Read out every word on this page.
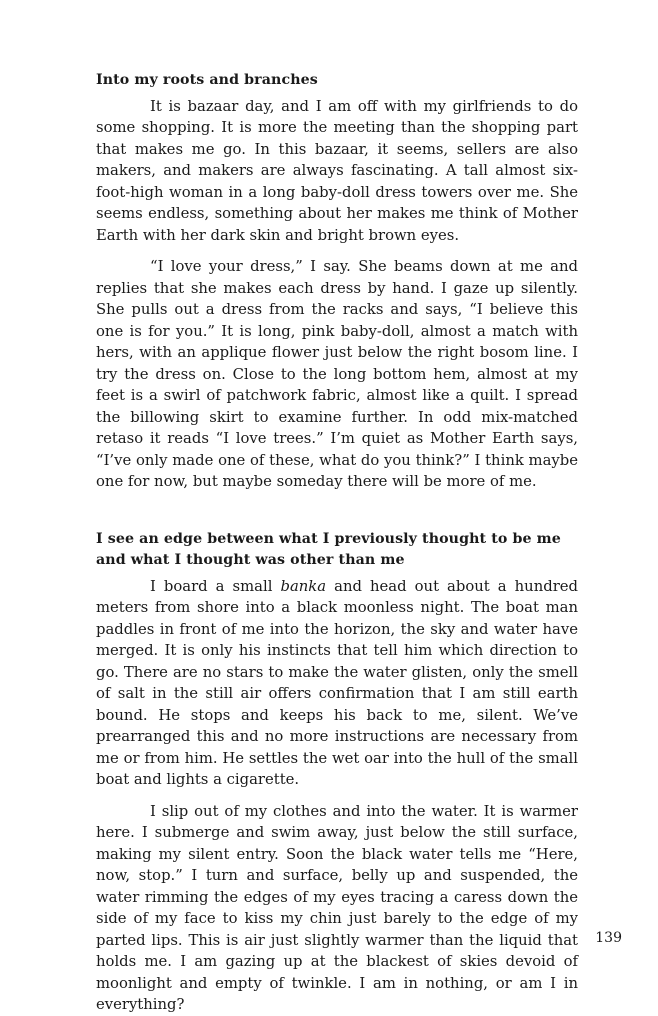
Into my roots and branches

It is bazaar day, and I am off with my girlfriends to do some shopping. It is more the meeting than the shopping part that makes me go. In this bazaar, it seems, sellers are also makers, and makers are always fascinating. A tall almost six-foot-high woman in a long baby-doll dress towers over me. She seems endless, something about her makes me think of Mother Earth with her dark skin and bright brown eyes.

“I love your dress,” I say. She beams down at me and replies that she makes each dress by hand. I gaze up silently. She pulls out a dress from the racks and says, “I believe this one is for you.” It is long, pink baby-doll, almost a match with hers, with an applique flower just below the right bosom line. I try the dress on. Close to the long bottom hem, almost at my feet is a swirl of patchwork fabric, almost like a quilt. I spread the billowing skirt to examine further. In odd mix-matched retaso it reads “I love trees.” I’m quiet as Mother Earth says, “I’ve only made one of these, what do you think?” I think maybe one for now, but maybe someday there will be more of me.

I see an edge between what I previously thought to be me and what I thought was other than me

I board a small banka and head out about a hundred meters from shore into a black moonless night. The boat man paddles in front of me into the horizon, the sky and water have merged. It is only his instincts that tell him which direction to go. There are no stars to make the water glisten, only the smell of salt in the still air offers confirmation that I am still earth bound. He stops and keeps his back to me, silent. We’ve prearranged this and no more instructions are necessary from me or from him. He settles the wet oar into the hull of the small boat and lights a cigarette.

I slip out of my clothes and into the water. It is warmer here. I submerge and swim away, just below the still surface, making my silent entry. Soon the black water tells me “Here, now, stop.” I turn and surface, belly up and suspended, the water rimming the edges of my eyes tracing a caress down the side of my face to kiss my chin just barely to the edge of my parted lips. This is air just slightly warmer than the liquid that holds me. I am gazing up at the blackest of skies devoid of moonlight and empty of twinkle. I am in nothing, or am I in everything?

139
